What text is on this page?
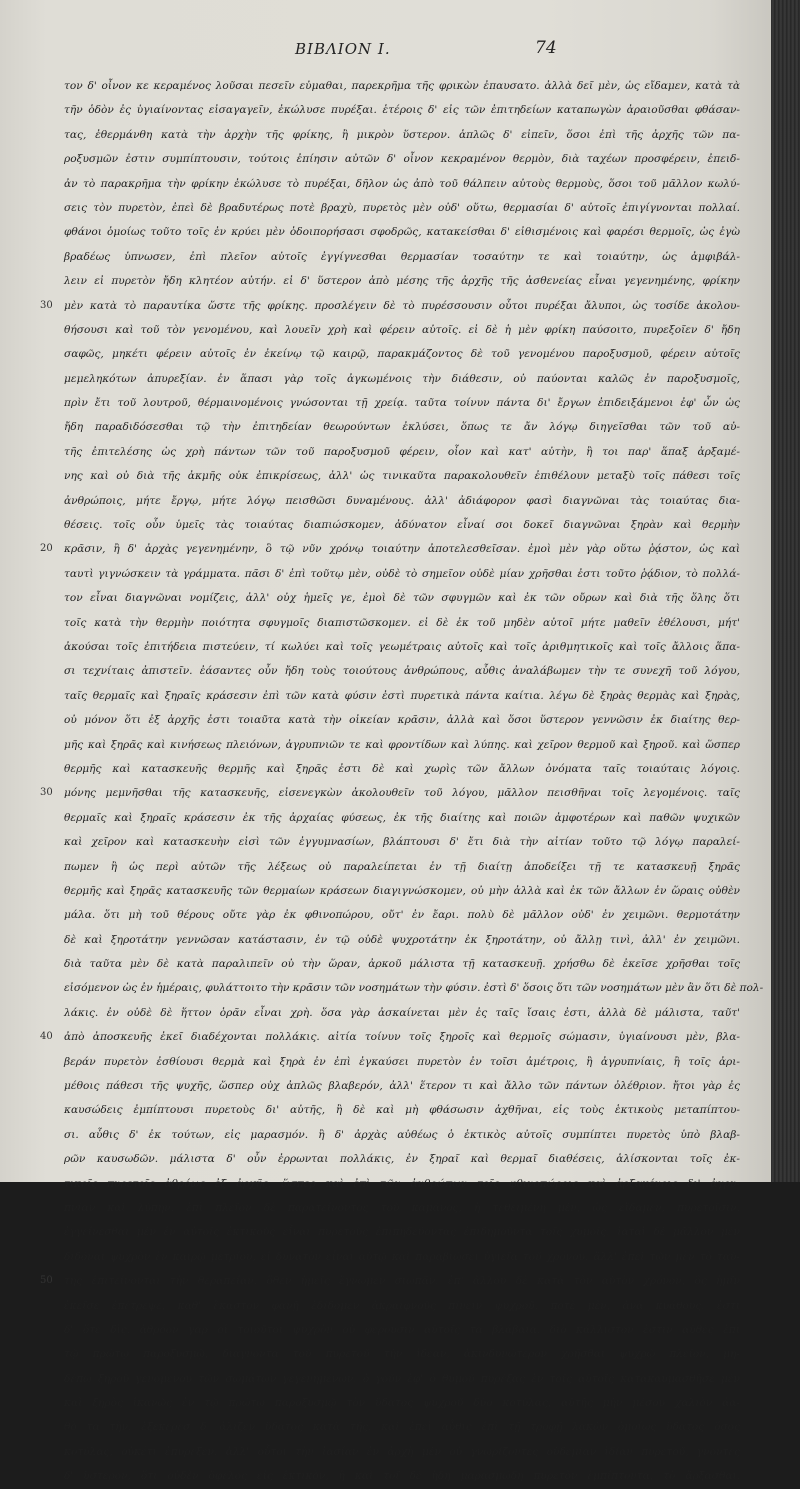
ΒΙΒΛΙΟΝ Ι.	74
τον δ' οἶνον κε κεραμένος λοῦσαι πεσεῖν εὐμαθαι, παρεκρῆμα τῆς φρικὼν ἐπαυσατο. ἀλλὰ δεῖ μὲν, ὡς εἴδαμεν, κατὰ τὰ
τῆν ὁδὸν ἐς ὑγιαίνοντας εἰσαγαγεῖν, ἐκώλυσε πυρέξαι. ἑτέροις δ' εἰς τῶν ἐπιτηδείων καταπωγὼν ἀραιοῦσθαι φθάσαν-
τας, ἐθερμάνθη κατὰ τὴν ἀρχὴν τῆς φρίκης, ἢ μικρὸν ὕστερον. ἁπλῶς δ' εἰπεῖν, ὅσοι ἐπὶ τῆς ἀρχῆς τῶν πα-
ροξυσμῶν ἐστιν συμπίπτουσιν, τούτοις ἐπίησιν αὐτῶν δ' οἶνον κεκραμένον θερμὸν, διὰ ταχέων προσφέρειν, ἐπειδ-
ἀν τὸ παρακρῆμα τὴν φρίκην ἐκώλυσε τὸ πυρέξαι, δῆλον ὡς ἀπὸ τοῦ θάλπειν αὐτοὺς θερμοὺς, ὅσοι τοῦ μᾶλλον κωλύ-
σεις τὸν πυρετὸν, ἐπεὶ δὲ βραδυτέρως ποτὲ βραχὺ, πυρετὸς μὲν οὐδ' οὕτω, θερμασίαι δ' αὐτοῖς ἐπιγίγνονται πολλαί.
φθάνοι ὁμοίως τοῦτο τοῖς ἐν κρύει μὲν ὁδοιπορήσασι σφοδρῶς, κατακείσθαι δ' εἰθισμένοις καὶ φαρέσι θερμοῖς, ὡς ἐγὼ
βραδέως ὑπνωσεν, ἐπὶ πλεῖον αὐτοῖς ἐγγίγνεσθαι θερμασίαν τοσαύτην τε καὶ τοιαύτην, ὡς ἀμφιβάλ-
λειν εἰ πυρετὸν ἤδη κλητέον αὐτήν. εἰ δ' ὕστερον ἀπὸ μέσης τῆς ἀρχῆς τῆς ἀσθενείας εἶναι γεγενημένης, φρίκην
30	μὲν κατὰ τὸ παραυτίκα ὥστε τῆς φρίκης. προσλέγειν δὲ τὸ πυρέσσουσιν οὗτοι πυρέξαι ἄλυποι, ὡς τοσίδε ἀκολου-
θήσουσι καὶ τοῦ τὸν γενομένου, καὶ λουεῖν χρὴ καὶ φέρειν αὐτοῖς. εἰ δὲ ἡ μὲν φρίκη παύσοιτο, πυρεξοῖεν δ' ἤδη
σαφῶς, μηκέτι φέρειν αὐτοῖς ἐν ἐκείνῳ τῷ καιρῷ, παρακμάζοντος δὲ τοῦ γενομένου παροξυσμοῦ, φέρειν αὐτοῖς
μεμεληκότων ἀπυρεξίαν. ἐν ἅπασι γὰρ τοῖς ἀγκωμένοις τὴν διάθεσιν, οὐ παύονται καλῶς ἐν παροξυσμοῖς,
πρὶν ἔτι τοῦ λουτροῦ, θέρμαινομένοις γνώσονται τῇ χρείᾳ. ταῦτα τοίνυν πάντα δι' ἔργων ἐπιδειξάμενοι ἐφ' ὧν ὡς
ἤδη παραδιδόσεσθαι τῷ τὴν ἐπιτηδείαν θεωρούντων ἐκλύσει, ὅπως τε ἄν λόγῳ διηγεῖσθαι τῶν τοῦ αὐ-
τῆς ἐπιτελέσης ὡς χρὴ πάντων τῶν τοῦ παροξυσμοῦ φέρειν, οἷον καὶ κατ' αὐτὴν, ἢ τοι παρ' ἅπαξ ἀρξαμέ-
νης καὶ οὐ διὰ τῆς ἀκμῆς οὐκ ἐπικρίσεως, ἀλλ' ὡς τινικαῦτα παρακολουθεῖν ἐπιθέλουν μεταξὺ τοῖς πάθεσι τοῖς
ἀνθρώποις, μήτε ἔργῳ, μήτε λόγῳ πεισθῶσι δυναμένους. ἀλλ' ἀδιάφορον φασὶ διαγνῶναι τὰς τοιαύτας δια-
θέσεις. τοῖς οὖν ὑμεῖς τὰς τοιαύτας διαπιώσκομεν, ἀδύνατον εἶναί σοι δοκεῖ διαγνῶναι ξηρὰν καὶ θερμὴν
20	κρᾶσιν, ἢ δ' ἀρχὰς γεγενημένην, ὃ τῷ νῦν χρόνῳ τοιαύτην ἀποτελεσθεῖσαν. ἐμοὶ μὲν γὰρ οὕτω ῥᾴστον, ὡς καὶ
ταυτὶ γιγνώσκειν τὰ γράμματα. πᾶσι δ' ἐπὶ τοῦτῳ μὲν, οὐδὲ τὸ σημεῖον οὐδὲ μίαν χρῆσθαι ἐστι τοῦτο ῥᾴδιον, τὸ πολλά-
τον εἶναι διαγνῶναι νομίζεις, ἀλλ' οὐχ ἡμεῖς γε, ἐμοὶ δὲ τῶν σφυγμῶν καὶ ἐκ τῶν οὔρων καὶ διὰ τῆς ὅλης ὅτι
τοῖς κατὰ τὴν θερμὴν ποιότητα σφυγμοῖς διαπιστῶσκομεν. εἰ δὲ ἐκ τοῦ μηδὲν αὐτοῖ μήτε μαθεῖν ἐθέλουσι, μήτ'
ἀκούσαι τοῖς ἐπιτήδεια πιστεύειν, τί κωλύει καὶ τοῖς γεωμέτραις αὐτοῖς καὶ τοῖς ἀριθμητικοῖς καὶ τοῖς ἄλλοις ἅπα-
σι τεχνίταις ἀπιστεῖν. ἐάσαντες οὖν ἤδη τοὺς τοιούτους ἀνθρώπους, αὖθις ἀναλάβωμεν τὴν τε συνεχῆ τοῦ λόγου,
ταῖς θερμαῖς καὶ ξηραῖς κράσεσιν ἐπὶ τῶν κατὰ φύσιν ἐστὶ πυρετικὰ πάντα καίτια. λέγω δὲ ξηρὰς θερμὰς καὶ ξηρὰς,
οὐ μόνον ὅτι ἐξ ἀρχῆς ἐστι τοιαῦτα κατὰ τὴν οἰκείαν κρᾶσιν, ἀλλὰ καὶ ὅσοι ὕστερον γεννῶσιν ἐκ διαίτης θερ-
μῆς καὶ ξηρᾶς καὶ κινήσεως πλειόνων, ἀγρυπνιῶν τε καὶ φροντίδων καὶ λύπης. καὶ χεῖρον θερμοῦ καὶ ξηροῦ. καὶ ὥσπερ
θερμῆς καὶ κατασκευῆς θερμῆς καὶ ξηρᾶς ἐστι δὲ καὶ χωρὶς τῶν ἄλλων ὀνόματα ταῖς τοιαύταις λόγοις.
30	μόνης μεμνῆσθαι τῆς κατασκευῆς, εἰσενεγκὼν ἀκολουθεῖν τοῦ λόγου, μᾶλλον πεισθῆναι τοῖς λεγομένοις. ταῖς
θερμαῖς καὶ ξηραῖς κράσεσιν ἐκ τῆς ἀρχαίας φύσεως, ἐκ τῆς διαίτης καὶ ποιῶν ἀμφοτέρων καὶ παθῶν ψυχικῶν
καὶ χεῖρον καὶ κατασκευὴν εἰσὶ τῶν ἐγγυμνασίων, βλάπτουσι δ' ἔτι διὰ τὴν αἰτίαν τοῦτο τῷ λόγῳ παραλεί-
πωμεν ἢ ὡς περὶ αὐτῶν τῆς λέξεως οὐ παραλείπεται ἐν τῇ διαίτῃ ἀποδείξει τῇ τε κατασκευῇ ξηρᾶς
θερμῆς καὶ ξηρᾶς κατασκευῆς τῶν θερμαίων κράσεων διαγιγνώσκομεν, οὐ μὴν ἀλλὰ καὶ ἐκ τῶν ἄλλων ἐν ὥραις οὐθὲν
μάλα. ὅτι μὴ τοῦ θέρους οὔτε γὰρ ἐκ φθινοπώρου, οὔτ' ἐν ἔαρι. πολὺ δὲ μᾶλλον οὐδ' ἐν χειμῶνι. θερμοτάτην
δὲ καὶ ξηροτάτην γεννῶσαν κατάστασιν, ἐν τῷ οὐδὲ ψυχροτάτην ἐκ ξηροτάτην, οὐ ἄλλῃ τινὶ, ἀλλ' ἐν χειμῶνι.
διὰ ταῦτα μὲν δὲ κατὰ παραλιπεῖν οὐ τὴν ὥραν, ἀρκοῦ μάλιστα τῇ κατασκευῇ. χρήσθω δὲ ἐκεῖσε χρῆσθαι τοῖς
εἰσόμενον ὡς ἐν ἡμέραις, φυλάττοιτο τὴν κρᾶσιν τῶν νοσημάτων τὴν φύσιν. ἐστὶ δ' ὅσοις ὅτι τῶν νοσημάτων μὲν ἂν ὅτι δὲ πολ-
λάκις. ἐν οὐδὲ δὲ ἥττον ὁρᾶν εἶναι χρὴ. ὅσα γὰρ ἀσκαίνεται μὲν ἐς ταῖς ἴσαις ἐστι, ἀλλὰ δὲ μάλιστα, ταῦτ'
40	ἀπὸ ἀποσκευῆς ἐκεῖ διαδέχονται πολλάκις. αἰτία τοίνυν τοῖς ξηροῖς καὶ θερμοῖς σώμασιν, ὑγιαίνουσι μὲν, βλα-
βεράν πυρετὸν ἐσθίουσι θερμὰ καὶ ξηρὰ ἐν ἐπὶ ἐγκαύσει πυρετὸν ἐν τοῖσι ἀμέτροις, ἢ ἀγρυπνίαις, ἢ τοῖς ἀρι-
μέθοις πάθεσι τῆς ψυχῆς, ὥσπερ οὐχ ἀπλῶς βλαβερόν, ἀλλ' ἕτερον τι καὶ ἄλλο τῶν πάντων ὀλέθριον. ἤτοι γὰρ ἐς
καυσώδεις ἐμπίπτουσι πυρετοὺς δι' αὐτῆς, ἢ δὲ καὶ μὴ φθάσωσιν ἀχθῆναι, εἰς τοὺς ἑκτικοὺς μεταπίπτου-
σι. αὖθις δ' ἐκ τούτων, εἰς μαρασμόν. ἢ δ' ἀρχὰς αὐθέως ὁ ἑκτικὸς αὐτοῖς συμπίπτει πυρετὸς ὑπὸ βλαβ-
ρῶν καυσωδῶν. μάλιστα δ' οὖν ἐρρωνται πολλάκις, ἐν ξηραῖ καὶ θερμαῖ διαθέσεις, ἁλίσκονται τοῖς ἐκ-
τικοῖς πυρετοῖς ἀθρόως ἐξ ἀρχῆς. ὥσπερ καὶ ἐπὶ τῶν ἀνθρώπων τοῖς φθινοπώροις καὶ ἀρξαμένοις δι' ἀγρυ-
πνίαν καὶ λύπην. ἐπὶ πλεῖον δὲ παρατείνοντος τοῦ καμάνος, ἡ τεθειμένη μὲν, ὡς εἴδαμεν, πυρετοῖσιν.
ἐγγείνεσθαι μὲν ἐν αὐτοῖς ἑκτικοὺς εἶναι πυρετοὺς ἐπιπηδεύοντας ἐπιδημοῦντα τοῖς χυμοῖς. ἰαταὶ δὲ μᾶλλον μὲν
διδόναι ψυχρὸν ἐν καιρῷ μετρίου, εἰ δυνατὸν εἶναι αὐτῷ καὶ παραβιώσει ὑγιεῖα τοῦ χρόνου. ἄλλ' ἐπεὶ τῶν μὲν τὸ ταῦ-
50	της ἐπιτείνονται τὴν θεραπείαν. ὅθεν ἡμεῖς ἔγνωμεν σιωπᾶν. ἐπ' ἄλλου δὲ κατὰ τὸν αὐτὸν χρόνον, ὃς ἡμῖν
ἐκεῖσε ἐπέτρεψε, καθ' ἕκαστον φανῇ ἐδίδομεν ἀκραιφνοῦς πίνειν ψυχροῦ. ποτὲ μὲν, ἀνὰ κυάθους. ἐστι
δ' ὅτε δὶς. ἀθρόον γὰρ οἱ τοιοῦτοι ψυχρὸν οὐ φέρουσιν αὐτοῖς τὰ βλάβαια. διὸ κάλλιστον ἐστιν αὐθὲς ἐπὶ
τῷ πρώτῳ παροξυσμῷ, διαγνόντα τοῦ πυρετοῦ τὴν ἰδέαν, ἀκινδυνώτερον χρῆσθαι ψυχρῷ πλεῖον, μη-
δέπω ξηροῦ γενομένου τῶν σωμάτων γεγενημένων. ὁ γοῦν ἐφ' ὁ θυμοῦ πυρέξας ἐν τοῖς αὐτοῖς κατακαυμασθῆσε μὲν
καὶ ξηρὸς ἱκανῶς ἐν τῷ πρώτῳ παροξυσμῷ τὸν ὕδατος ψυχροῦ δύο κοτύλας, αὐτῆς μὴν μέσου χαλιὸν ἀα-
θὸ τὰ τὴν. ἐξεκερεσ δ' ἀλιζεν ὕδατος κατὰ τῆς. καὶ ἐπεὶ αὖθις ἐπὶ τῇ τροφῇ λακὼν ὁμοίως ὕδατος ὅσος
κοτύλας, οὐκέτι ἐπυρεξεν. ἀλλ' οὗτοι τὴν ἰασίαν ἐν ἀρχὴ μὲν οὐ γνωρίζοντες οὐδεμίαν ἰδίαν πυρετοῦ, γνόντες
δ' ὕστερον, ὅτι οὐδὲν ὄφελος εἰς ἑκτικὸν, ἢ καὶ τοῖ δὲ ἤδη μαρασμώδη πυρετὸν ἐμπίπτοντα, τὸ ἄρξασθαι.
